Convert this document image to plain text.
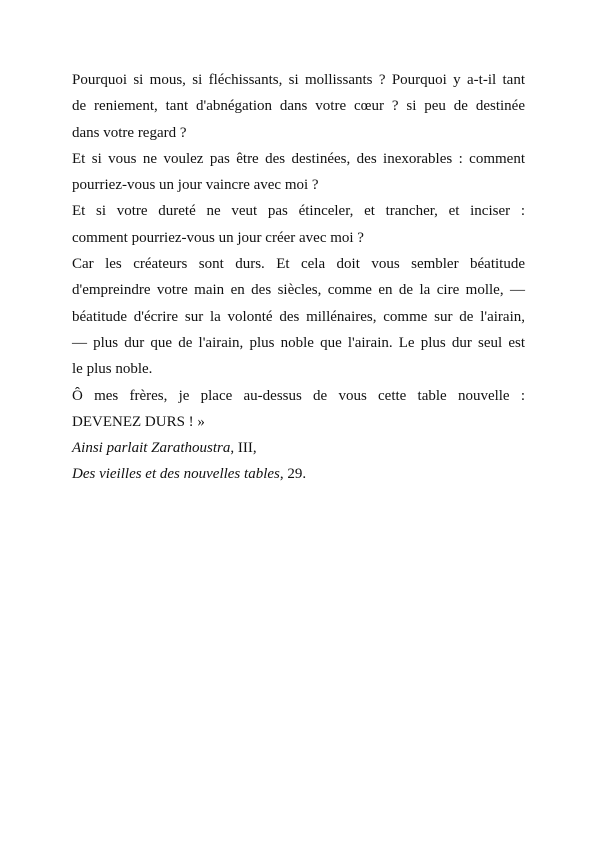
Pourquoi si mous, si fléchissants, si mollissants ? Pourquoi y a-t-il tant
de reniement, tant d'abnégation dans votre cœur ? si peu de destinée
dans votre regard ?

Et si vous ne voulez pas être des destinées, des inexorables : comment
pourriez-vous un jour vaincre avec moi ?

Et si votre dureté ne veut pas étinceler, et trancher, et inciser :
comment pourriez-vous un jour créer avec moi ?

Car les créateurs sont durs. Et cela doit vous sembler béatitude
d'empreindre votre main en des siècles, comme en de la cire molle, —
béatitude d'écrire sur la volonté des millénaires, comme sur de l'airain,
— plus dur que de l'airain, plus noble que l'airain. Le plus dur seul est
le plus noble.

Ô mes frères, je place au-dessus de vous cette table nouvelle :
DEVENEZ DURS ! »

Ainsi parlait Zarathoustra, III,

Des vieilles et des nouvelles tables, 29.
